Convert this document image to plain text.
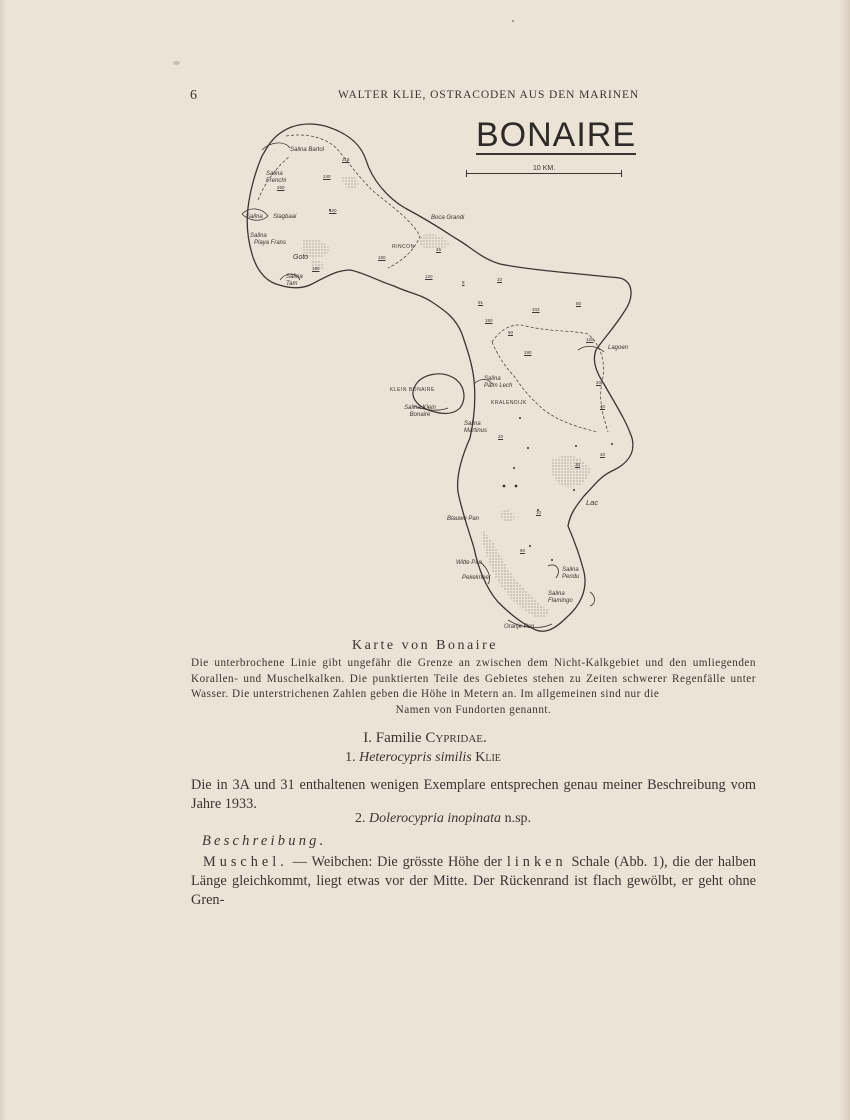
6	WALTER KLIE, OSTRACODEN AUS DEN MARINEN
BONAIRE
10 KM.
Salina Bartol
Salina Frenchi
Salina Slagbaai
Salina
Playa Frans
Goto
Salina Tam
Boca Grandi
RINCON
Lagoen
Salina Palm Lech
KLEIN BONAIRE
Salina Klein Bonaire
KRALENDIJK
Salina Martinus
Lac
Blauwe Pan
Witte Pan
Pekelmeer
Salina Pendu
Salina Flamingo
Oranje Pan
218
240
250
120
180
150
45
120
8
10
91
103
80
150
190
120
20
50
40
20
30
60
10
40
Karte von Bonaire
Die unterbrochene Linie gibt ungefähr die Grenze an zwischen dem Nicht-Kalkgebiet und den umliegenden Korallen- und Muschelkalken. Die punktierten Teile des Gebietes stehen zu Zeiten schwerer Regenfälle unter Wasser. Die unterstrichenen Zahlen geben die Höhe in Metern an. Im allgemeinen sind nur die
Namen von Fundorten genannt.
I. Familie Cypridae.
1. Heterocypris similis Klie
Die in 3A und 31 enthaltenen wenigen Exemplare entsprechen genau meiner Beschreibung vom Jahre 1933.
2. Dolerocypria inopinata n.sp.
Beschreibung.
Muschel. — Weibchen: Die grösste Höhe der linken Schale (Abb. 1), die der halben Länge gleichkommt, liegt etwas vor der Mitte. Der Rückenrand ist flach gewölbt, er geht ohne Gren-
